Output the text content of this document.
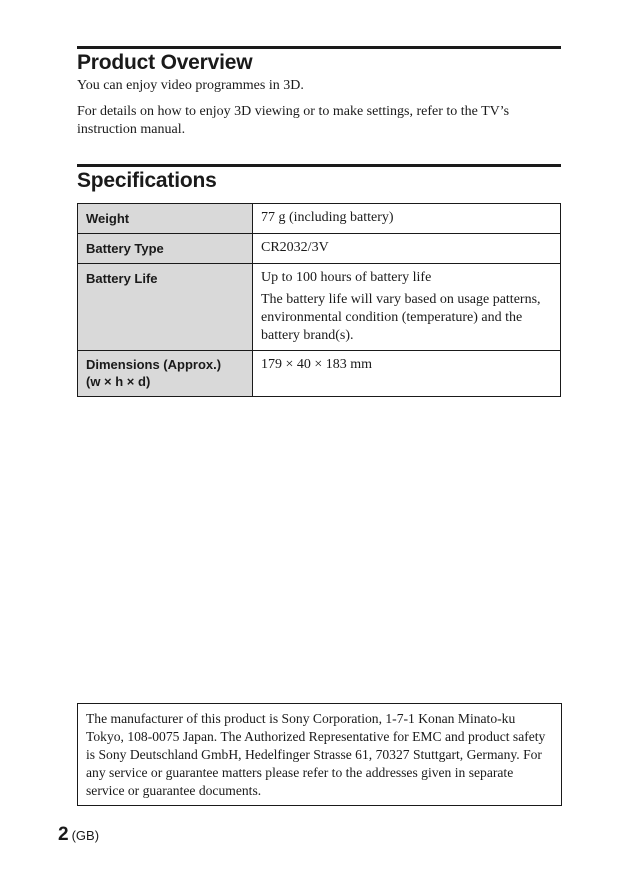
Product Overview

You can enjoy video programmes in 3D.

For details on how to enjoy 3D viewing or to make settings, refer to the TV’s instruction manual.

Specifications
Weight	77 g (including battery)
Battery Type	CR2032/3V
Battery Life	Up to 100 hours of battery life
The battery life will vary based on usage patterns, environmental condition (temperature) and the battery brand(s).

Dimensions (Approx.)
(w × h × d)	179 × 40 × 183 mm
The manufacturer of this product is Sony Corporation, 1-7-1 Konan Minato-ku Tokyo, 108-0075 Japan. The Authorized Representative for EMC and product safety is Sony Deutschland GmbH, Hedelfinger Strasse 61, 70327 Stuttgart, Germany. For any service or guarantee matters please refer to the addresses given in separate service or guarantee documents.
2 (GB)
